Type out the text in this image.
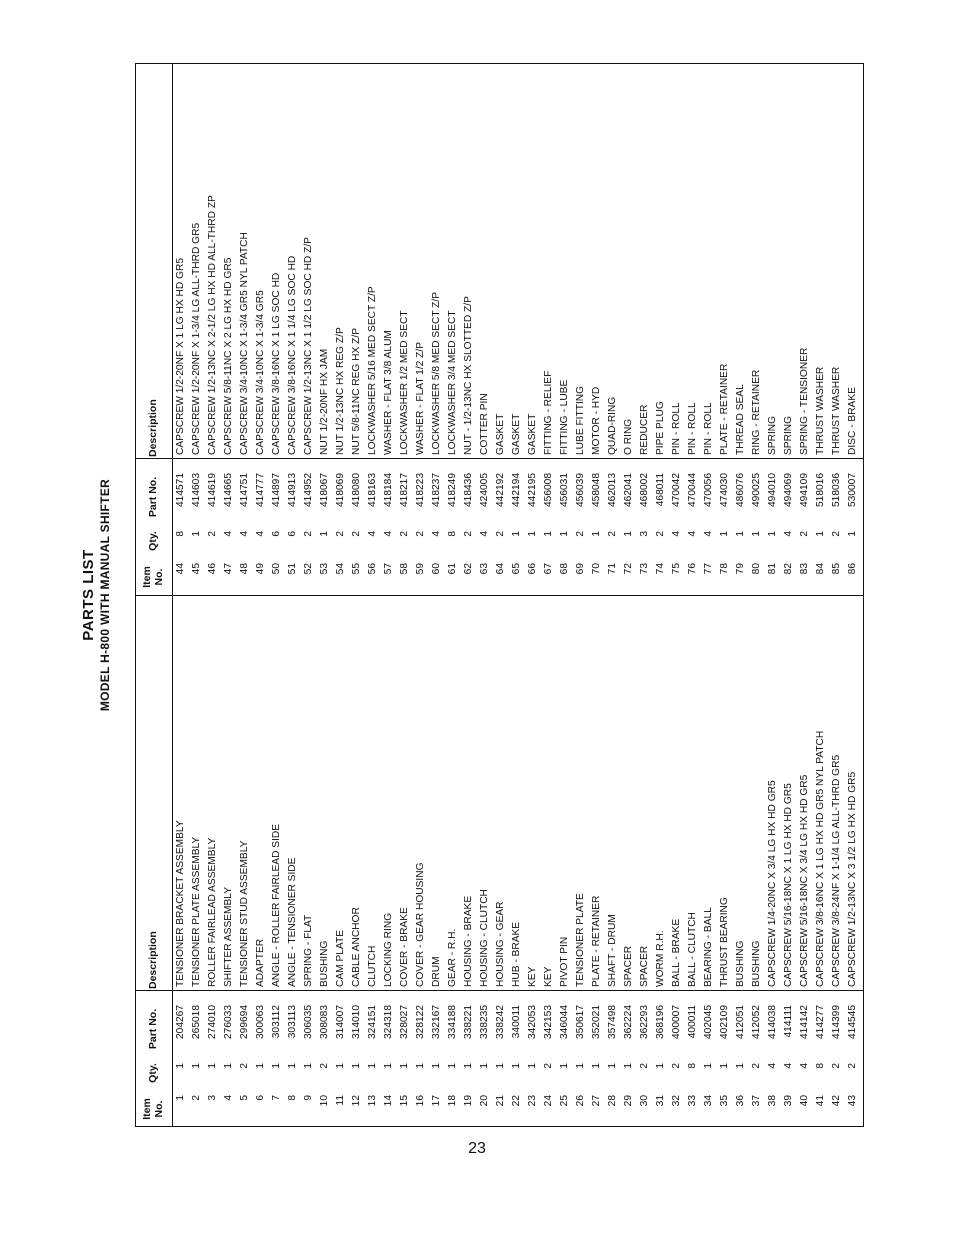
23
PARTS LIST MODEL H-800 WITH MANUAL SHIFTER
Item No.
Qty.
Part No.
Description
1
1
204267
TENSIONER BRACKET ASSEMBLY
2
1
265018
TENSIONER PLATE ASSEMBLY
3
1
274010
ROLLER FAIRLEAD ASSEMBLY
4
1
276033
SHIFTER ASSEMBLY
5
2
299694
TENSIONER STUD ASSEMBLY
6
1
300063
ADAPTER
7
1
303112
ANGLE - ROLLER FAIRLEAD SIDE
8
1
303113
ANGLE - TENSIONER SIDE
9
1
306035
SPRING - FLAT
10
2
308083
BUSHING
11
1
314007
CAM PLATE
12
1
314010
CABLE ANCHOR
13
1
324151
CLUTCH
14
1
324318
LOCKING RING
15
1
328027
COVER - BRAKE
16
1
328122
COVER - GEAR HOUSING
17
1
332167
DRUM
18
1
334188
GEAR - R.H.
19
1
338221
HOUSING - BRAKE
20
1
338235
HOUSING - CLUTCH
21
1
338242
HOUSING - GEAR
22
1
340011
HUB - BRAKE
23
1
342053
KEY
24
2
342153
KEY
25
1
346044
PIVOT PIN
26
1
350617
TENSIONER PLATE
27
1
352021
PLATE - RETAINER
28
1
357498
SHAFT - DRUM
29
1
362224
SPACER
30
2
362293
SPACER
31
1
368196
WORM R.H.
32
2
400007
BALL - BRAKE
33
8
400011
BALL - CLUTCH
34
1
402045
BEARING - BALL
35
1
402109
THRUST BEARING
36
1
412051
BUSHING
37
2
412052
BUSHING
38
4
414038
CAPSCREW 1/4-20NC X 3/4 LG HX HD GR5
39
4
414111
CAPSCREW 5/16-18NC X 1 LG HX HD GR5
40
4
414142
CAPSCREW 5/16-18NC X 3/4 LG HX HD GR5
41
8
414277
CAPSCREW 3/8-16NC X 1 LG HX HD GR5 NYL PATCH
42
2
414399
CAPSCREW 3/8-24NF X 1-1/4 LG ALL-THRD GR5
43
2
414545
CAPSCREW 1/2-13NC X 3 1/2 LG HX HD GR5
Item No.
Qty.
Part No.
Description
44
8
414571
CAPSCREW 1/2-20NF X 1 LG HX HD GR5
45
1
414603
CAPSCREW 1/2-20NF X 1-3/4 LG ALL-THRD GR5
46
2
414619
CAPSCREW 1/2-13NC X 2-1/2 LG HX HD ALL-THRD ZP
47
4
414665
CAPSCREW 5/8-11NC X 2 LG HX HD GR5
48
4
414751
CAPSCREW 3/4-10NC X 1-3/4 GR5 NYL PATCH
49
4
414777
CAPSCREW 3/4-10NC X 1-3/4 GR5
50
6
414897
CAPSCREW 3/8-16NC X 1 LG SOC HD
51
6
414913
CAPSCREW 3/8-16NC X 1 1/4 LG SOC HD
52
2
414952
CAPSCREW 1/2-13NC X 1 1/2 LG SOC HD Z/P
53
1
418067
NUT 1/2-20NF HX JAM
54
2
418069
NUT 1/2-13NC HX REG Z/P
55
2
418080
NUT 5/8-11NC REG HX Z/P
56
4
418163
LOCKWASHER 5/16 MED SECT Z/P
57
4
418184
WASHER - FLAT 3/8 ALUM
58
2
418217
LOCKWASHER 1/2 MED SECT
59
2
418223
WASHER - FLAT 1/2 Z/P
60
4
418237
LOCKWASHER 5/8 MED SECT Z/P
61
8
418249
LOCKWASHER 3/4 MED SECT
62
2
418436
NUT - 1/2-13NC HX SLOTTED Z/P
63
4
424005
COTTER PIN
64
2
442192
GASKET
65
1
442194
GASKET
66
1
442195
GASKET
67
1
456008
FITTING - RELIEF
68
1
456031
FITTING - LUBE
69
2
456039
LUBE FITTING
70
1
458048
MOTOR - HYD
71
2
462013
QUAD-RING
72
1
462041
O RING
73
3
468002
REDUCER
74
2
468011
PIPE PLUG
75
4
470042
PIN - ROLL
76
4
470044
PIN - ROLL
77
4
470056
PIN - ROLL
78
1
474030
PLATE - RETAINER
79
1
486076
THREAD SEAL
80
1
490025
RING - RETAINER
81
1
494010
SPRING
82
4
494069
SPRING
83
2
494109
SPRING - TENSIONER
84
1
518016
THRUST WASHER
85
2
518036
THRUST WASHER
86
1
530007
DISC - BRAKE
